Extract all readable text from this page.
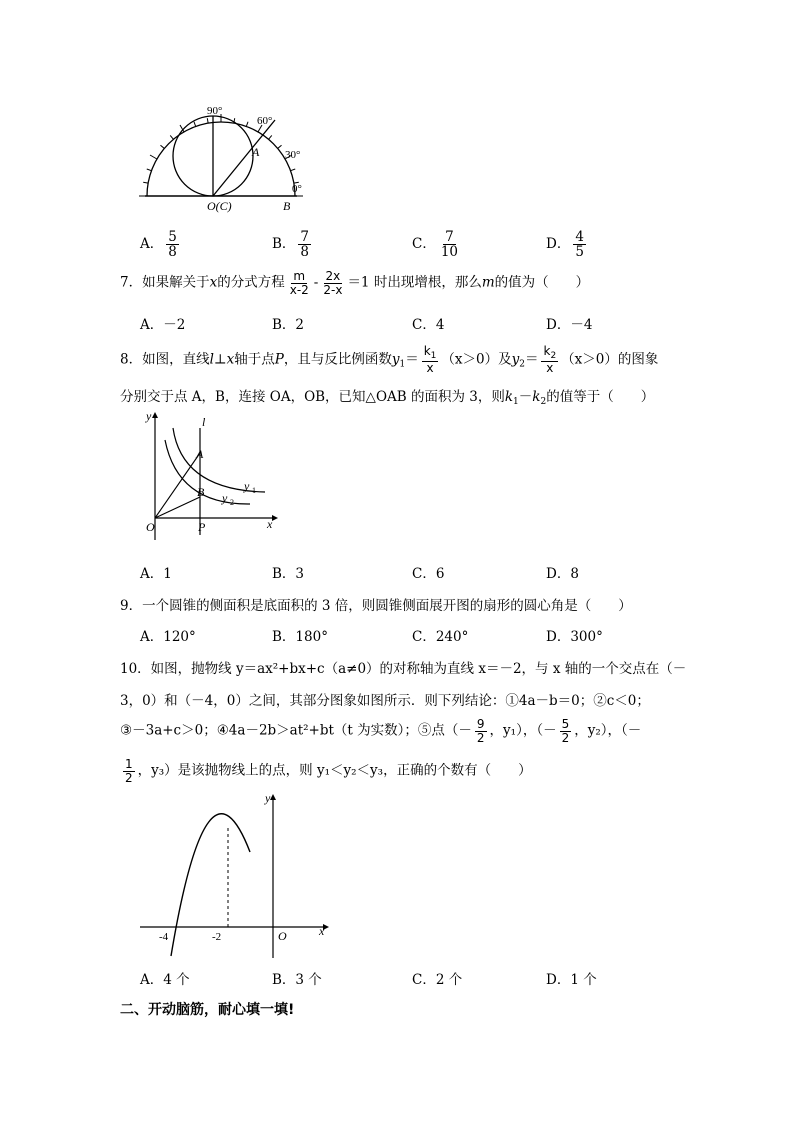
90°
60°
30°
0°
A
O(C)	B
A． $\frac{5}{8}$	B． $\frac{7}{8}$	C． $\frac{7}{10}$	D． $\frac{4}{5}$
7．如果解关于x的分式方程 $\frac{m}{x-2} - \frac{2x}{2-x} =1$ 时出现增根，那么m的值为（　　）
A．－2	B．2	C．4	D．－4
8．如图，直线l⊥x轴于点P，且与反比例函数$y_1= \frac{k_1}{x} (x>0)$及$y_2= \frac{k_2}{x} (x>0)$的图象
分别交于点 A，B，连接 OA，OB，已知△OAB 的面积为 3，则$k_1-k_2$的值等于（　　）
y	l
A
B	y 1
y 2
O	P	x
A．1	B．3	C．6	D．8
9．一个圆锥的侧面积是底面积的 3 倍，则圆锥侧面展开图的扇形的圆心角是（　　）
A．120°	B．180°	C．240°	D．300°
10．如图，抛物线 y＝ax²+bx+c（a≠0）的对称轴为直线 x＝－2，与 x 轴的一个交点在（－
3，0）和（－4，0）之间，其部分图象如图所示．则下列结论：①4a－b＝0；②c＜0；
③－3a+c＞0；④4a－2b＞at²+bt（t 为实数）；⑤点（－ $\frac{9}{2}$ ，y₁），（－ $\frac{5}{2}$ ，y₂），（－
$\frac{1}{2}$ ，y₃）是该抛物线上的点，则 y₁＜y₂＜y₃，正确的个数有（　　）
y
x
O
-4	-2
A．4 个	B．3 个	C．2 个	D．1 个
二、开动脑筋，耐心填一填!
